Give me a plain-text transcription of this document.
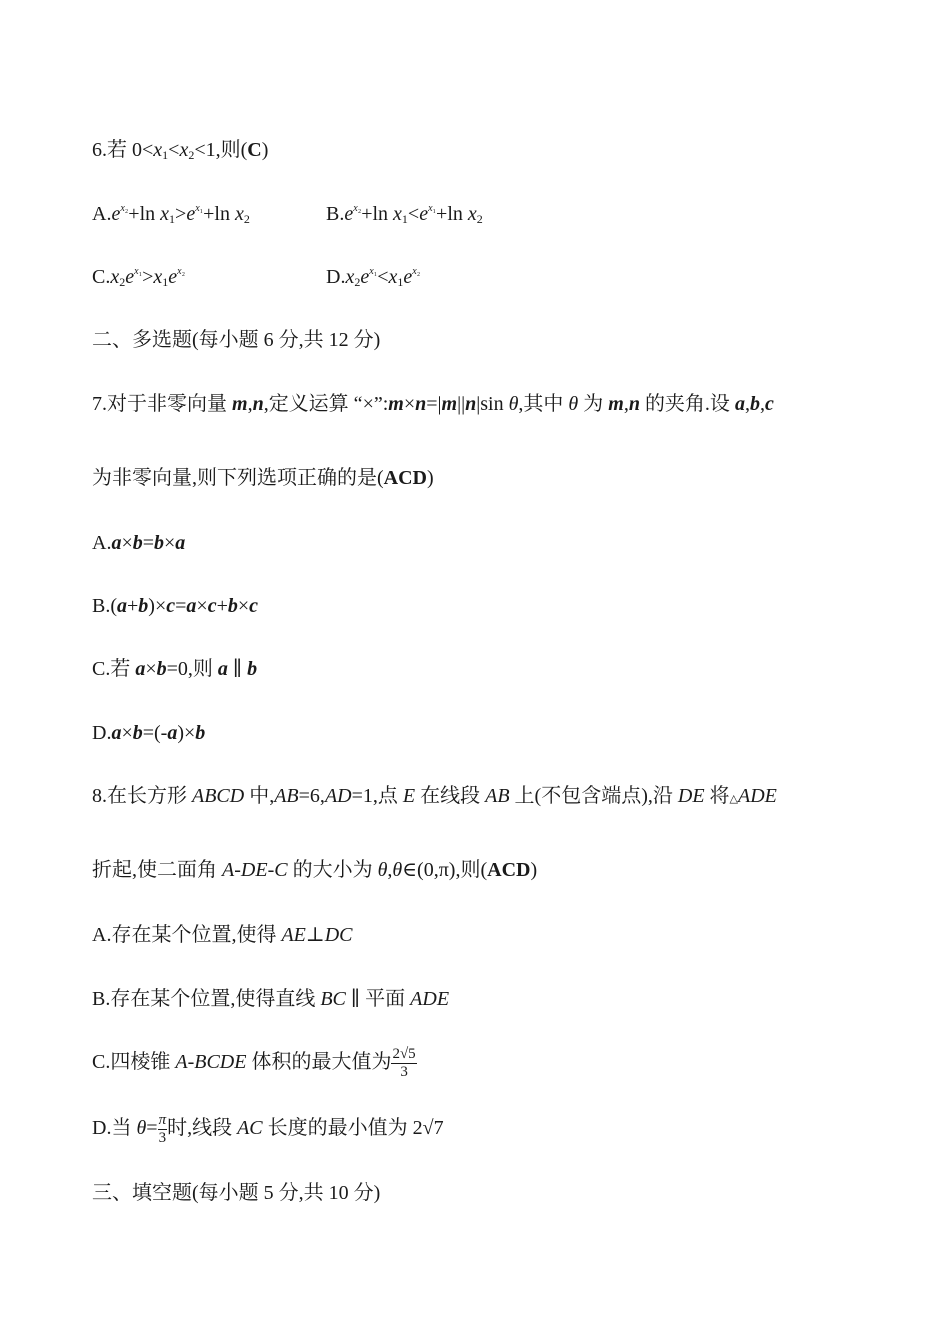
6.若 $0<x_1<x_2<1$,则(C)
$A.e^{x_2}+\ln$ $x_1>e^{x_1}+\ln$ $x_2$	$B.e^{x_2}+\ln$ $x_1<e^{x_1}+\ln$ $x_2$
$C.x_2e^{x_1}>x_1e^{x_2}$	$D.x_2e^{x_1}<x_1e^{x_2}$
二、多选题(每小题 6 分,共 12 分)
7.对于非零向量 m,n,定义运算 “×”:m×n=|m||n|sin θ,其中 θ 为 m,n 的夹角.设 a,b,c
为非零向量,则下列选项正确的是(ACD)
A.a×b=b×a
B.(a+b)×c=a×c+b×c
C.若 a×b=0,则 a ∥ b
D.a×b=(-a)×b
8.在长方形 ABCD 中,AB=6,AD=1,点 E 在线段 AB 上(不包含端点),沿 DE 将△ADE
折起,使二面角 A-DE-C 的大小为 θ,θ∈(0,π),则(ACD)
A.存在某个位置,使得 AE⊥DC
B.存在某个位置,使得直线 BC ∥ 平面 ADE
C.四棱锥 A-BCDE 体积的最大值为 $\frac{2√5}{3}$
D.当 $\theta= \frac{\pi}{3}$ 时,线段 AC 长度的最小值为 2√7
三、填空题(每小题 5 分,共 10 分)
